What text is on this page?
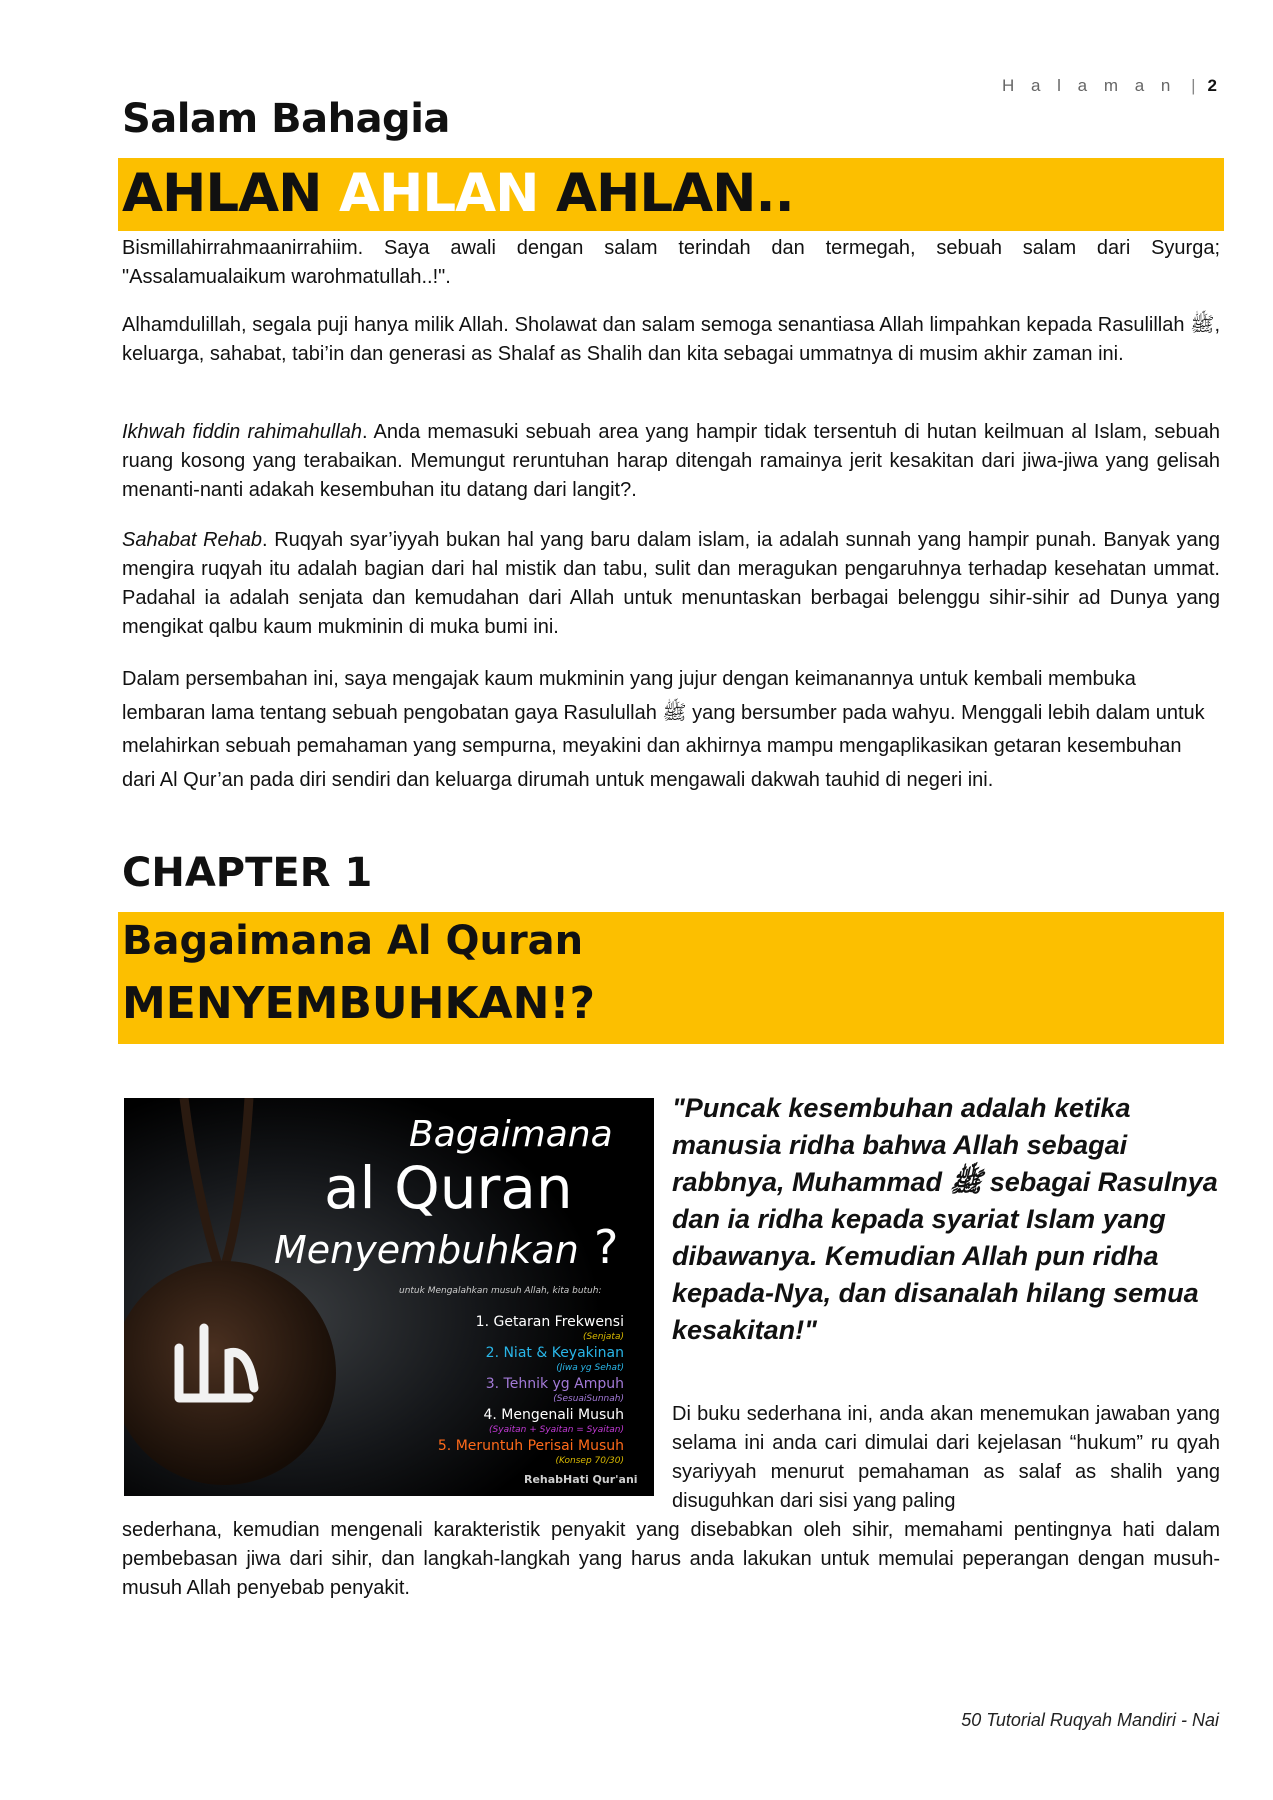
H a l a m a n | 2
Salam Bahagia
AHLAN AHLAN AHLAN..
Bismillahirrahmaanirrahiim. Saya awali dengan salam terindah dan termegah, sebuah salam dari Syurga; "Assalamualaikum warohmatullah..!".
Alhamdulillah, segala puji hanya milik Allah. Sholawat dan salam semoga senantiasa Allah limpahkan kepada Rasulillah ﷺ, keluarga, sahabat, tabi’in dan generasi as Shalaf as Shalih dan kita sebagai ummatnya di musim akhir zaman ini.
Ikhwah fiddin rahimahullah. Anda memasuki sebuah area yang hampir tidak tersentuh di hutan keilmuan al Islam, sebuah ruang kosong yang terabaikan. Memungut reruntuhan harap ditengah ramainya jerit kesakitan dari jiwa-jiwa yang gelisah menanti-nanti adakah kesembuhan itu datang dari langit?.
Sahabat Rehab. Ruqyah syar’iyyah bukan hal yang baru dalam islam, ia adalah sunnah yang hampir punah. Banyak yang mengira ruqyah itu adalah bagian dari hal mistik dan tabu, sulit dan meragukan pengaruhnya terhadap kesehatan ummat. Padahal ia adalah senjata dan kemudahan dari Allah untuk menuntaskan berbagai belenggu sihir-sihir ad Dunya yang mengikat qalbu kaum mukminin di muka bumi ini.
Dalam persembahan ini, saya mengajak kaum mukminin yang jujur dengan keimanannya untuk kembali membuka lembaran lama tentang sebuah pengobatan gaya Rasulullah ﷺ yang bersumber pada wahyu. Menggali lebih dalam untuk melahirkan sebuah pemahaman yang sempurna, meyakini dan akhirnya mampu mengaplikasikan getaran kesembuhan dari Al Qur’an pada diri sendiri dan keluarga dirumah untuk mengawali dakwah tauhid di negeri ini.
CHAPTER 1
Bagaimana Al Quran
MENYEMBUHKAN!?
Bagaimana
al Quran
Menyembuhkan ?
untuk Mengalahkan musuh Allah, kita butuh:
1. Getaran Frekwensi
(Senjata)
2. Niat & Keyakinan
(Jiwa yg Sehat)
3. Tehnik yg Ampuh
(SesuaiSunnah)
4. Mengenali Musuh
(Syaitan + Syaitan = Syaitan)
5. Meruntuh Perisai Musuh
(Konsep 70/30)
RehabHati Qur'ani
"Puncak kesembuhan adalah ketika manusia ridha bahwa Allah sebagai rabbnya, Muhammad ﷺ sebagai Rasulnya dan ia ridha kepada syariat Islam yang dibawanya. Kemudian Allah pun ridha kepada-Nya, dan disanalah hilang semua kesakitan!"
Di buku sederhana ini, anda akan menemukan jawaban yang selama ini anda cari dimulai dari kejelasan “hukum” ru qyah syariyyah menurut pemahaman as salaf as shalih yang disuguhkan dari sisi yang paling
sederhana, kemudian mengenali karakteristik penyakit yang disebabkan oleh sihir, memahami pentingnya hati dalam pembebasan jiwa dari sihir, dan langkah-langkah yang harus anda lakukan untuk memulai peperangan dengan musuh-musuh Allah penyebab penyakit.
50 Tutorial Ruqyah Mandiri - Nai
